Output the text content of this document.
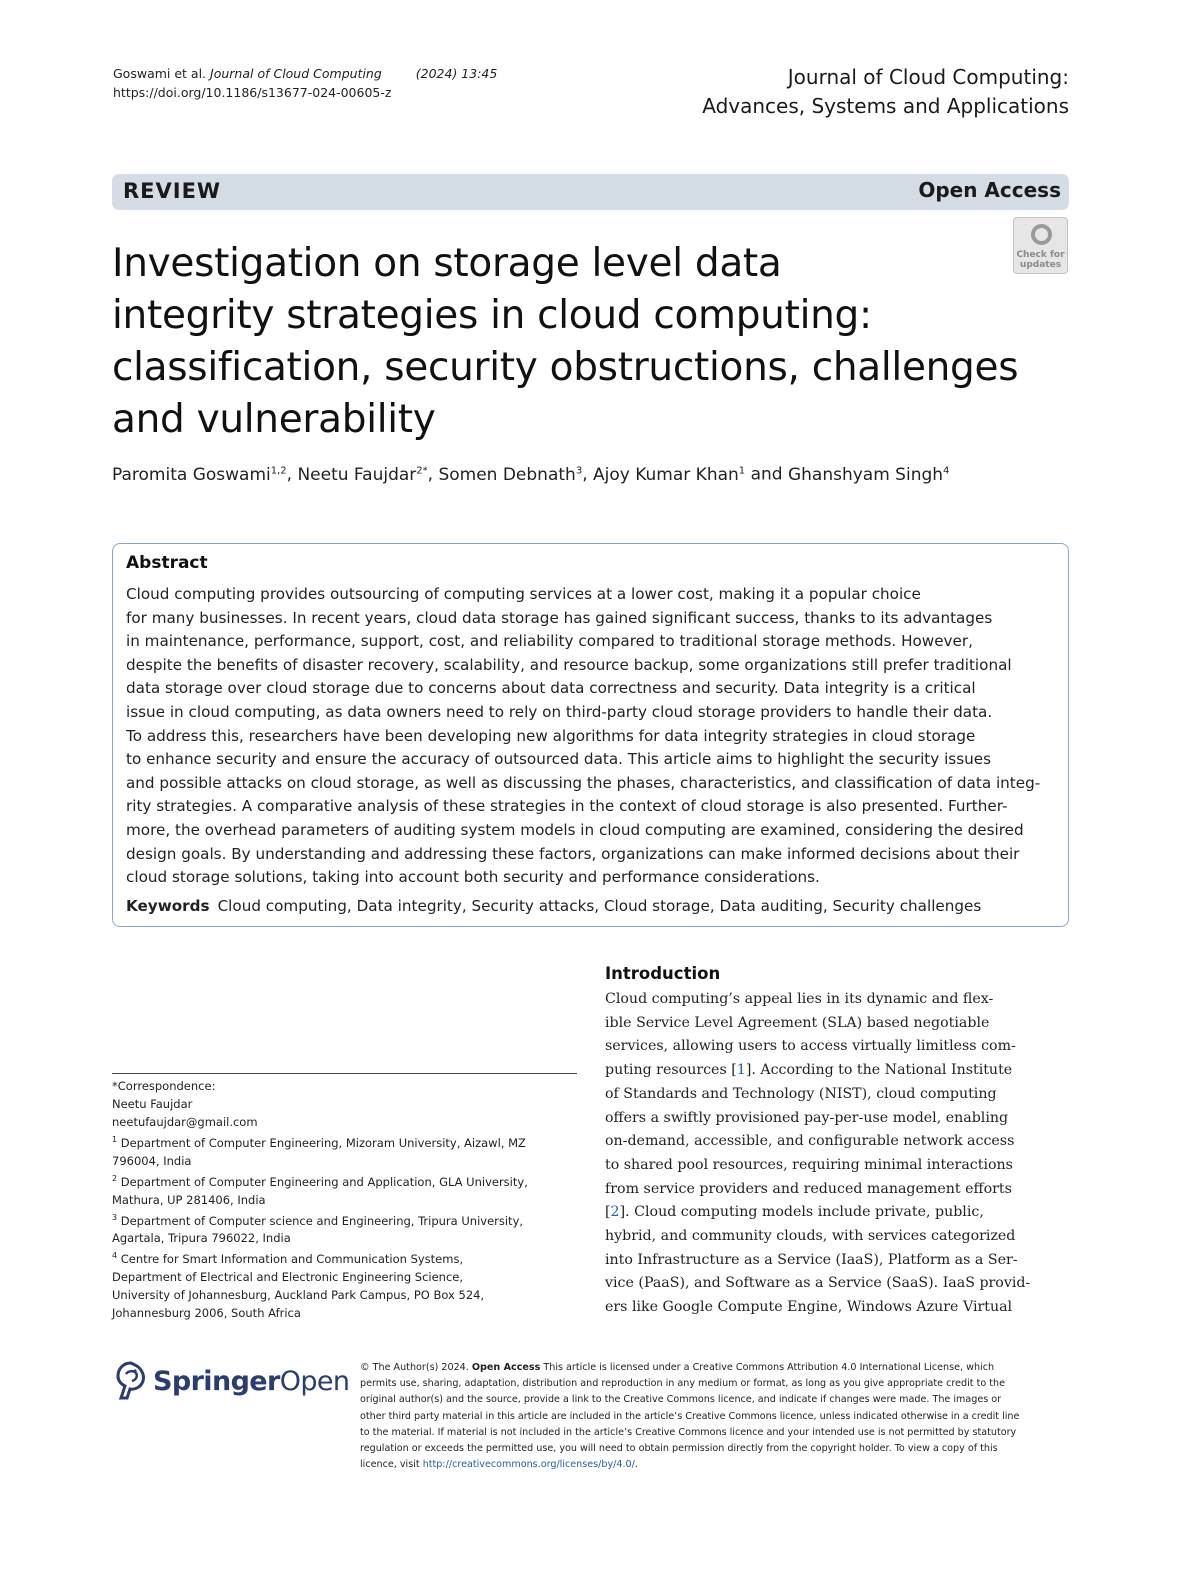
Goswami et al. Journal of Cloud Computing	(2024) 13:45
https://doi.org/10.1186/s13677-024-00605-z
Journal of Cloud Computing:
Advances, Systems and Applications
REVIEW	Open Access
Check for
updates
Investigation on storage level data
integrity strategies in cloud computing:
classification, security obstructions, challenges
and vulnerability
Paromita Goswami$^{1,2}$, Neetu Faujdar$^{2*}$, Somen Debnath$^3$, Ajoy Kumar Khan$^1$ and Ghanshyam Singh$^4$
Abstract
Cloud computing provides outsourcing of computing services at a lower cost, making it a popular choice
for many businesses. In recent years, cloud data storage has gained significant success, thanks to its advantages
in maintenance, performance, support, cost, and reliability compared to traditional storage methods. However,
despite the benefits of disaster recovery, scalability, and resource backup, some organizations still prefer traditional
data storage over cloud storage due to concerns about data correctness and security. Data integrity is a critical
issue in cloud computing, as data owners need to rely on third-party cloud storage providers to handle their data.
To address this, researchers have been developing new algorithms for data integrity strategies in cloud storage
to enhance security and ensure the accuracy of outsourced data. This article aims to highlight the security issues
and possible attacks on cloud storage, as well as discussing the phases, characteristics, and classification of data integ-
rity strategies. A comparative analysis of these strategies in the context of cloud storage is also presented. Further-
more, the overhead parameters of auditing system models in cloud computing are examined, considering the desired
design goals. By understanding and addressing these factors, organizations can make informed decisions about their
cloud storage solutions, taking into account both security and performance considerations.
Keywords Cloud computing, Data integrity, Security attacks, Cloud storage, Data auditing, Security challenges
*Correspondence:
Neetu Faujdar
neetufaujdar@gmail.com
$^1$ Department of Computer Engineering, Mizoram University, Aizawl, MZ
796004, India
$^2$ Department of Computer Engineering and Application, GLA University,
Mathura, UP 281406, India
$^3$ Department of Computer science and Engineering, Tripura University,
Agartala, Tripura 796022, India
$^4$ Centre for Smart Information and Communication Systems,
Department of Electrical and Electronic Engineering Science,
University of Johannesburg, Auckland Park Campus, PO Box 524,
Johannesburg 2006, South Africa
Introduction
Cloud computing’s appeal lies in its dynamic and flex-
ible Service Level Agreement (SLA) based negotiable
services, allowing users to access virtually limitless com-
puting resources [1]. According to the National Institute
of Standards and Technology (NIST), cloud computing
offers a swiftly provisioned pay-per-use model, enabling
on-demand, accessible, and configurable network access
to shared pool resources, requiring minimal interactions
from service providers and reduced management efforts
[2]. Cloud computing models include private, public,
hybrid, and community clouds, with services categorized
into Infrastructure as a Service (IaaS), Platform as a Ser-
vice (PaaS), and Software as a Service (SaaS). IaaS provid-
ers like Google Compute Engine, Windows Azure Virtual
SpringerOpen © The Author(s) 2024. Open Access This article is licensed under a Creative Commons Attribution 4.0 International License, which
permits use, sharing, adaptation, distribution and reproduction in any medium or format, as long as you give appropriate credit to the
original author(s) and the source, provide a link to the Creative Commons licence, and indicate if changes were made. The images or
other third party material in this article are included in the article’s Creative Commons licence, unless indicated otherwise in a credit line
to the material. If material is not included in the article’s Creative Commons licence and your intended use is not permitted by statutory
regulation or exceeds the permitted use, you will need to obtain permission directly from the copyright holder. To view a copy of this
licence, visit http://creativecommons.org/licenses/by/4.0/.
